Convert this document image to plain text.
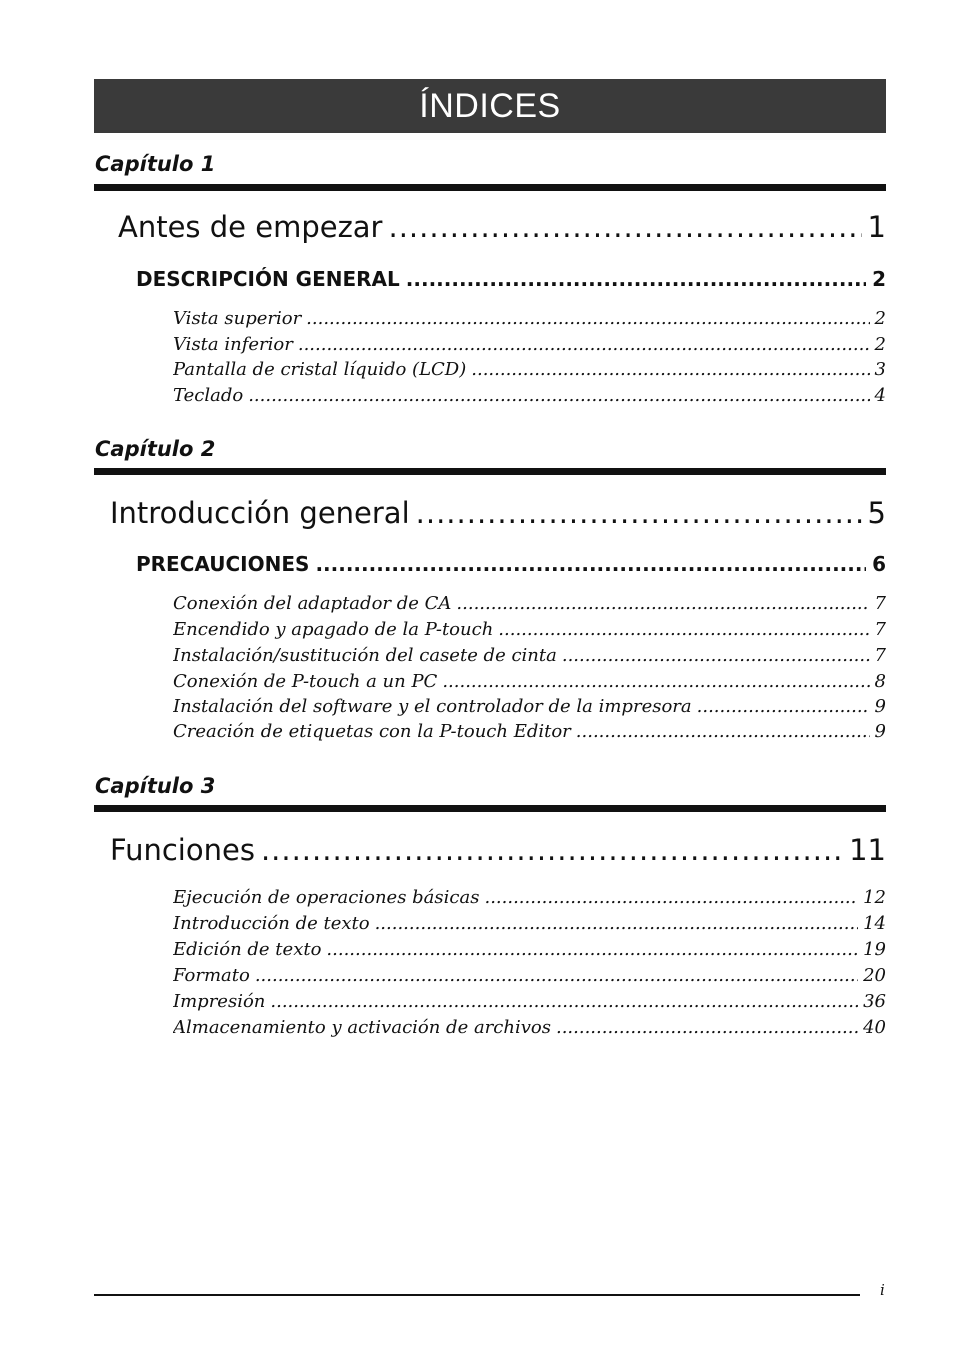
ÍNDICES
Capítulo 1
Antes de empezar .....	1
DESCRIPCIÓN GENERAL .....	2
Vista superior .....	2
Vista inferior .....	2
Pantalla de cristal líquido (LCD) .....	3
Teclado .....	4
Capítulo 2
Introducción general .....	5
PRECAUCIONES .....	6
Conexión del adaptador de CA .....	7
Encendido y apagado de la P-touch .....	7
Instalación/sustitución del casete de cinta .....	7
Conexión de P-touch a un PC .....	8
Instalación del software y el controlador de la impresora .....	9
Creación de etiquetas con la P-touch Editor .....	9
Capítulo 3
Funciones .....	11
Ejecución de operaciones básicas .....	12
Introducción de texto .....	14
Edición de texto .....	19
Formato .....	20
Impresión .....	36
Almacenamiento y activación de archivos .....	40
i
